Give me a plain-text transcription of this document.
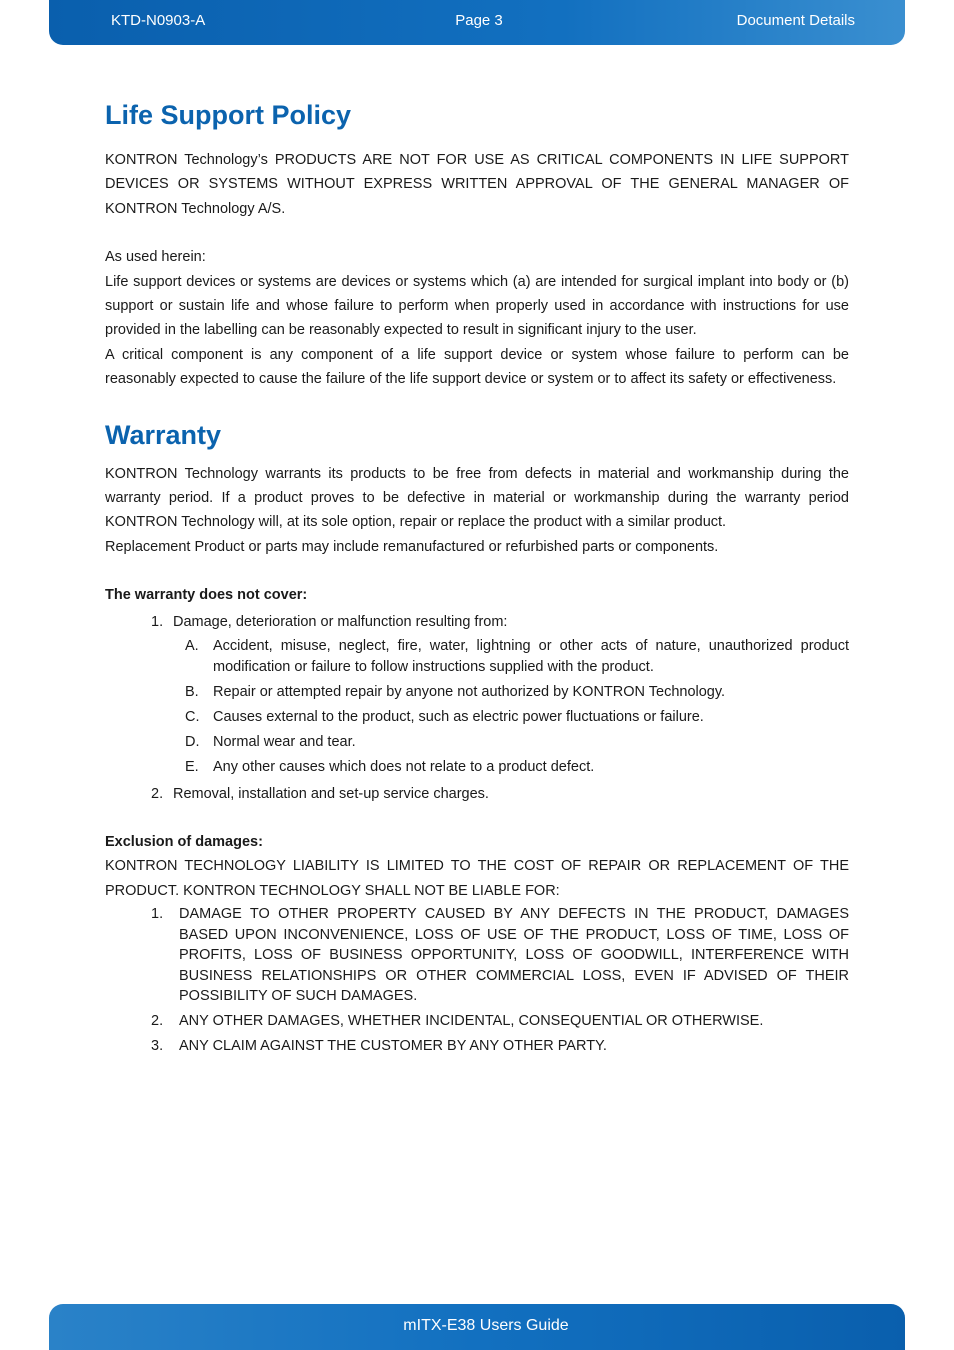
KTD-N0903-A	Page 3	Document Details
Life Support Policy

KONTRON Technology’s PRODUCTS ARE NOT FOR USE AS CRITICAL COMPONENTS IN LIFE SUPPORT DEVICES OR SYSTEMS WITHOUT EXPRESS WRITTEN APPROVAL OF THE GENERAL MANAGER OF KONTRON Technology A/S.

As used herein:

Life support devices or systems are devices or systems which (a) are intended for surgical implant into body or (b) support or sustain life and whose failure to perform when properly used in accordance with instructions for use provided in the labelling can be reasonably expected to result in significant injury to the user.

A critical component is any component of a life support device or system whose failure to perform can be reasonably expected to cause the failure of the life support device or system or to affect its safety or effectiveness.

Warranty

KONTRON Technology warrants its products to be free from defects in material and workmanship during the warranty period. If a product proves to be defective in material or workmanship during the warranty period KONTRON Technology will, at its sole option, repair or replace the product with a similar product.

Replacement Product or parts may include remanufactured or refurbished parts or components.

The warranty does not cover:

1. Damage, deterioration or malfunction resulting from:
A. Accident, misuse, neglect, fire, water, lightning or other acts of nature, unauthorized product modification or failure to follow instructions supplied with the product.
B. Repair or attempted repair by anyone not authorized by KONTRON Technology.
C. Causes external to the product, such as electric power fluctuations or failure.
D. Normal wear and tear.
E. Any other causes which does not relate to a product defect.
2. Removal, installation and set-up service charges.

Exclusion of damages:

KONTRON TECHNOLOGY LIABILITY IS LIMITED TO THE COST OF REPAIR OR REPLACEMENT OF THE PRODUCT. KONTRON TECHNOLOGY SHALL NOT BE LIABLE FOR:

1. DAMAGE TO OTHER PROPERTY CAUSED BY ANY DEFECTS IN THE PRODUCT, DAMAGES BASED UPON INCONVENIENCE, LOSS OF USE OF THE PRODUCT, LOSS OF TIME, LOSS OF PROFITS, LOSS OF BUSINESS OPPORTUNITY, LOSS OF GOODWILL, INTERFERENCE WITH BUSINESS RELATIONSHIPS OR OTHER COMMERCIAL LOSS, EVEN IF ADVISED OF THEIR POSSIBILITY OF SUCH DAMAGES.
2. ANY OTHER DAMAGES, WHETHER INCIDENTAL, CONSEQUENTIAL OR OTHERWISE.
3. ANY CLAIM AGAINST THE CUSTOMER BY ANY OTHER PARTY.
mITX-E38 Users Guide
